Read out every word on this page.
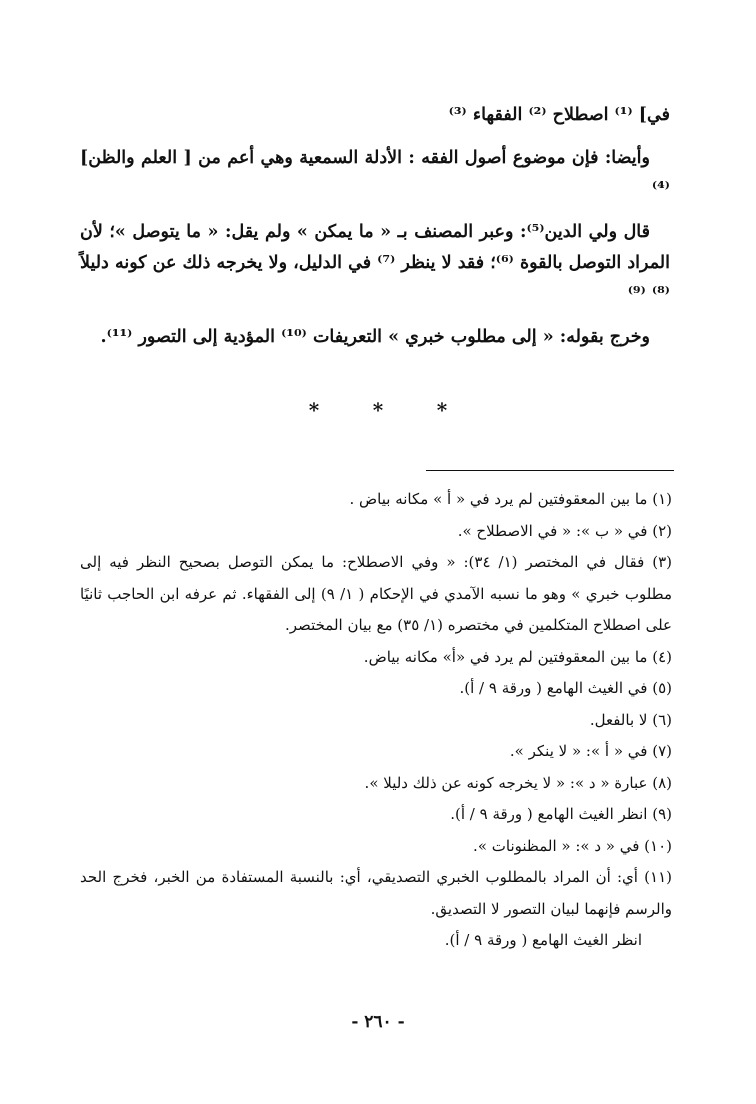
في] ⁽¹⁾ اصطلاح ⁽²⁾ الفقهاء ⁽³⁾

وأيضا: فإن موضوع أصول الفقه : الأدلة السمعية وهي أعم من [ العلم والظن] ⁽⁴⁾

قال ولي الدين⁽⁵⁾: وعبر المصنف بـ « ما يمكن » ولم يقل: « ما يتوصل »؛ لأن المراد التوصل بالقوة ⁽⁶⁾؛ فقد لا ينظر ⁽⁷⁾ في الدليل، ولا يخرجه ذلك عن كونه دليلاً ⁽⁸⁾ ⁽⁹⁾

وخرج بقوله: « إلى مطلوب خبري » التعريفات ⁽¹⁰⁾ المؤدية إلى التصور ⁽¹¹⁾.

*	*	*

(١) ما بين المعقوفتين لم يرد في « أ » مكانه بياض .

(٢) في « ب »: « في الاصطلاح ».

(٣) فقال في المختصر (١/ ٣٤): « وفي الاصطلاح: ما يمكن التوصل بصحيح النظر فيه إلى مطلوب خبري » وهو ما نسبه الآمدي في الإحكام ( ١/ ٩) إلى الفقهاء. ثم عرفه ابن الحاجب ثانيًا على اصطلاح المتكلمين في مختصره (١/ ٣٥) مع بيان المختصر.

(٤) ما بين المعقوفتين لم يرد في «أ» مكانه بياض.

(٥) في الغيث الهامع ( ورقة ٩ / أ).

(٦) لا بالفعل.

(٧) في « أ »: « لا ينكر ».

(٨) عبارة « د »: « لا يخرجه كونه عن ذلك دليلا ».

(٩) انظر الغيث الهامع ( ورقة ٩ / أ).

(١٠) في « د »: « المظنونات ».

(١١) أي: أن المراد بالمطلوب الخبري التصديقي، أي: بالنسبة المستفادة من الخبر، فخرج الحد والرسم فإنهما لبيان التصور لا التصديق.

انظر الغيث الهامع ( ورقة ٩ / أ).

- ٢٦٠ -
